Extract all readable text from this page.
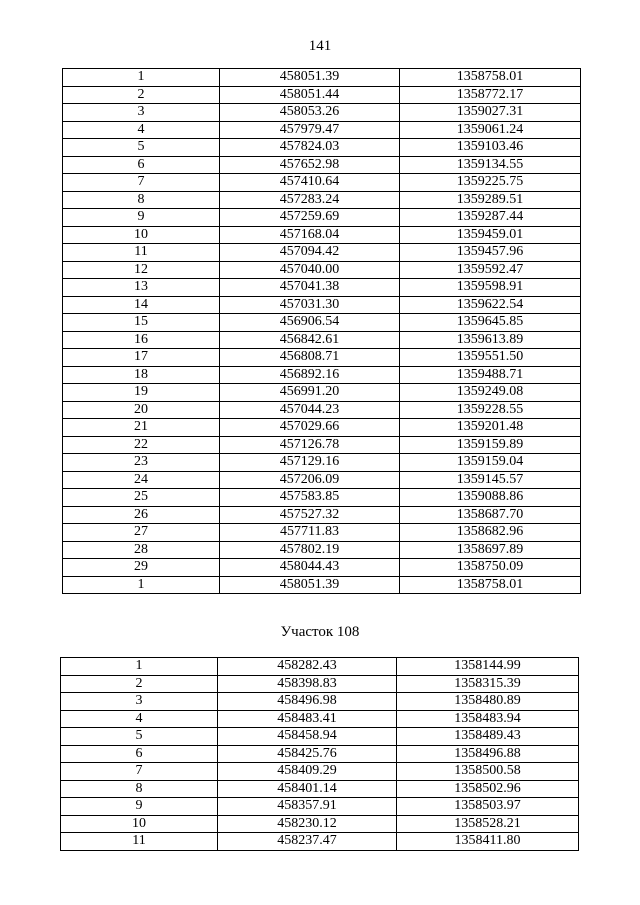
141
1	458051.39	1358758.01
2	458051.44	1358772.17
3	458053.26	1359027.31
4	457979.47	1359061.24
5	457824.03	1359103.46
6	457652.98	1359134.55
7	457410.64	1359225.75
8	457283.24	1359289.51
9	457259.69	1359287.44
10	457168.04	1359459.01
11	457094.42	1359457.96
12	457040.00	1359592.47
13	457041.38	1359598.91
14	457031.30	1359622.54
15	456906.54	1359645.85
16	456842.61	1359613.89
17	456808.71	1359551.50
18	456892.16	1359488.71
19	456991.20	1359249.08
20	457044.23	1359228.55
21	457029.66	1359201.48
22	457126.78	1359159.89
23	457129.16	1359159.04
24	457206.09	1359145.57
25	457583.85	1359088.86
26	457527.32	1358687.70
27	457711.83	1358682.96
28	457802.19	1358697.89
29	458044.43	1358750.09
1	458051.39	1358758.01
Участок 108
1	458282.43	1358144.99
2	458398.83	1358315.39
3	458496.98	1358480.89
4	458483.41	1358483.94
5	458458.94	1358489.43
6	458425.76	1358496.88
7	458409.29	1358500.58
8	458401.14	1358502.96
9	458357.91	1358503.97
10	458230.12	1358528.21
11	458237.47	1358411.80
